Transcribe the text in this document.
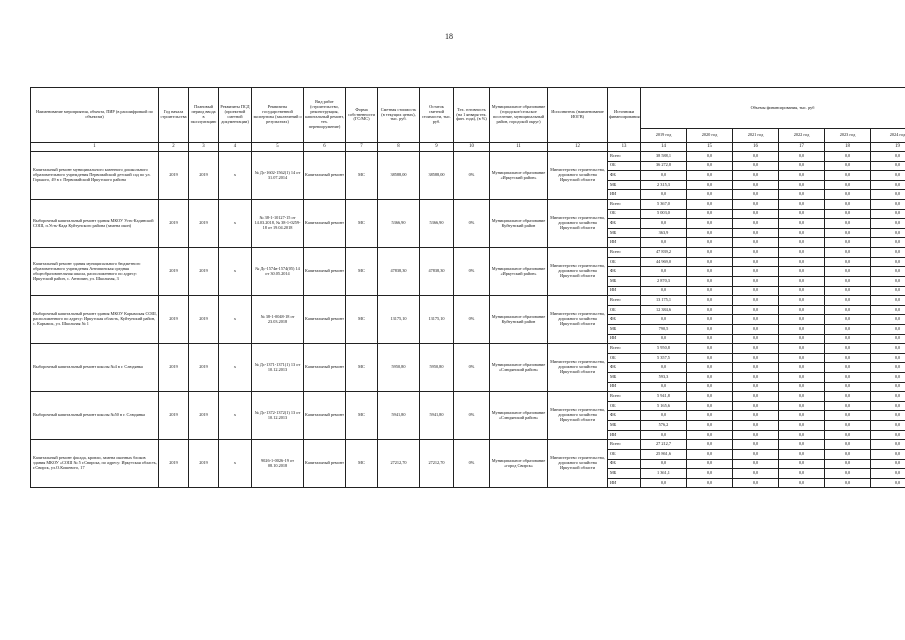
18
Наименование мероприятия, объекта, ПИР (в расшифровкой по объектам)	Год начала строительства	Плановый период ввода в эксплуатацию	Реквизиты ПСД (проектной сметной документации)	Реквизиты государственной экспертизы (заключений о результатах)	Вид работ (строительство, реконструкция, капитальный ремонт, тех. перевооружение)	Форма собственности (ГС/МС)	Сметная стоимость (в текущих ценах), тыс. руб.	Остаток сметной стоимости, тыс. руб.	Тех. готовность (на 1 января тек. фин. года), (в %)	Муниципальное образование (городское/сельское поселение, муниципальный район, городской округ)	Исполнитель (наименование ИОГВ)	Источники финансирования	Объемы финансирования, тыс. руб					
													2019 год	2020 год	2021 год	2022 год	2023 год	2024 год
1	2	3	4	5	6	7	8	9	10	11	12	13	14	15	16	17	18	19
Капитальный ремонт муниципального казенного дошкольного образовательного учреждения Первомайский детский сад по ул. Горького, 49 в г. Первомайский Иркутского района	2019	2019	х	№ Дс-1602-1562(1) 14 от 31.07.2014	Капитальный ремонт	МС	38588,00	38588,00	0%	Муниципальное образование «Иркутский район»	Министерство строительства, дорожного хозяйства Иркутской области	Всего	38 588,1	0,0	0,0	0,0	0,0	0,0
												ОБ	36 272,8	0,0	0,0	0,0	0,0	0,0
												ФБ	0,0	0,0	0,0	0,0	0,0	0,0
												МБ	2 315,3	0,0	0,0	0,0	0,0	0,0
												ИИ	0,0	0,0	0,0	0,0	0,0	0,0
Выборочный капитальный ремонт здания МКОУ Усть-Кадинской СОШ, п.Усть-Када Куйтунского района (замена окон)	2019	2019	х	№ 38-1-10127-15 от 14.03.2018, № 38-1-0259-18 от 19.04.2018	Капитальный ремонт	МС	5366,90	5366,90	0%	Муниципальное образование Куйтунский район	Министерство строительства, дорожного хозяйства Иркутской области	Всего	5 367,0	0,0	0,0	0,0	0,0	0,0
												ОБ	5 003,0	0,0	0,0	0,0	0,0	0,0
												ФБ	0,0	0,0	0,0	0,0	0,0	0,0
												МБ	363,9	0,0	0,0	0,0	0,0	0,0
												ИИ	0,0	0,0	0,0	0,0	0,0	0,0
Капитальный ремонт здания муниципального бюджетного образовательного учреждения Антипинская средняя общеобразовательная школа, расположенного по адресу: Иркутский район, с. Антипин, ул. Школьная, 3	2019	2019	х	№ Дс-1574в-1574(05) 14 от 30.05.2014	Капитальный ремонт	МС	47838,30	47838,30	0%	Муниципальное образование «Иркутский район»	Министерство строительства, дорожного хозяйства Иркутской области	Всего	47 839,2	0,0	0,0	0,0	0,0	0,0
												ОБ	44 969,0	0,0	0,0	0,0	0,0	0,0
												ФБ	0,0	0,0	0,0	0,0	0,0	0,0
												МБ	2 870,3	0,0	0,0	0,0	0,0	0,0
												ИИ	0,0	0,0	0,0	0,0	0,0	0,0
Выборочный капитальный ремонт здания МКОУ Карымская СОШ, расположенного по адресу: Иркутская область, Куйтунский район, с. Карымск, ул. Школьная № 1	2019	2019	х	№ 38-1-0048-18 от 23.03.2018	Капитальный ремонт	МС	13175,10	13175,10	0%	Муниципальное образование Куйтунский район	Министерство строительства, дорожного хозяйства Иркутской области	Всего	13 175,1	0,0	0,0	0,0	0,0	0,0
												ОБ	12 384,6	0,0	0,0	0,0	0,0	0,0
												ФБ	0,0	0,0	0,0	0,0	0,0	0,0
												МБ	790,5	0,0	0,0	0,0	0,0	0,0
												ИИ	0,0	0,0	0,0	0,0	0,0	0,0
Выборочный капитальный ремонт школы №4 в г. Слюдянка	2019	2019	х	№ Дс-1371-1371(1) 13 от 10.12.2013	Капитальный ремонт	МС	5950,80	5950,80	0%	Муниципальное образование «Слюдянский район»	Министерство строительства, дорожного хозяйства Иркутской области	Всего	5 950,8	0,0	0,0	0,0	0,0	0,0
												ОБ	5 357,5	0,0	0,0	0,0	0,0	0,0
												ФБ	0,0	0,0	0,0	0,0	0,0	0,0
												МБ	593,3	0,0	0,0	0,0	0,0	0,0
												ИИ	0,0	0,0	0,0	0,0	0,0	0,0
Выборочный капитальный ремонт школы №50 в г. Слюдянка	2019	2019	х	№ Дс-1372-1372(1) 13 от 10.12.2013	Капитальный ремонт	МС	5941,80	5941,80	0%	Муниципальное образование «Слюдянский район»	Министерство строительства, дорожного хозяйства Иркутской области	Всего	5 941,8	0,0	0,0	0,0	0,0	0,0
												ОБ	5 165,6	0,0	0,0	0,0	0,0	0,0
												ФБ	0,0	0,0	0,0	0,0	0,0	0,0
												МБ	576,2	0,0	0,0	0,0	0,0	0,0
												ИИ	0,0	0,0	0,0	0,0	0,0	0,0
Капитальный ремонт фасада, кровли, замена оконных блоков здания МКОУ «СОШ № 5 г.Свирска, по адресу: Иркутская область, г.Свирск, ул.О.Кошевого, 17	2019	2019	х	9026-1-0026-19 от 08.10.2018	Капитальный ремонт	МС	27212,70	27212,70	0%	Муниципальное образование «город Свирск»	Министерство строительства, дорожного хозяйства Иркутской области	Всего	27 212,7	0,0	0,0	0,0	0,0	0,0
												ОБ	25 861,6	0,0	0,0	0,0	0,0	0,0
												ФБ	0,0	0,0	0,0	0,0	0,0	0,0
												МБ	1 361,1	0,0	0,0	0,0	0,0	0,0
												ИИ	0,0	0,0	0,0	0,0	0,0	0,0
